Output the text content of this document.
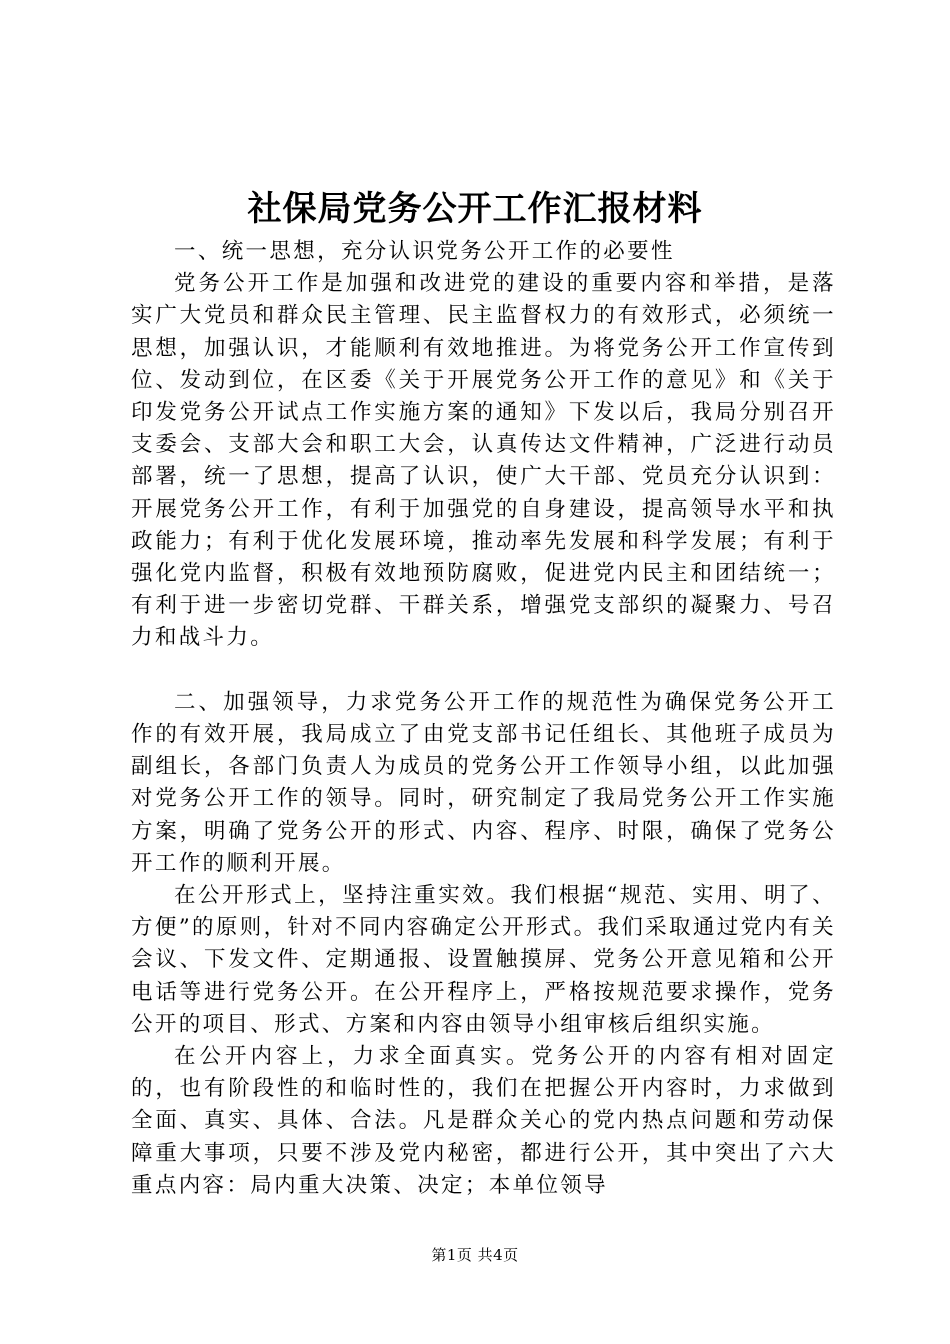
社保局党务公开工作汇报材料

一、统一思想，充分认识党务公开工作的必要性

党务公开工作是加强和改进党的建设的重要内容和举措，是落实广大党员和群众民主管理、民主监督权力的有效形式，必须统一思想，加强认识，才能顺利有效地推进。为将党务公开工作宣传到位、发动到位，在区委《关于开展党务公开工作的意见》和《关于印发党务公开试点工作实施方案的通知》下发以后，我局分别召开支委会、支部大会和职工大会，认真传达文件精神，广泛进行动员部署，统一了思想，提高了认识，使广大干部、党员充分认识到：开展党务公开工作，有利于加强党的自身建设，提高领导水平和执政能力；有利于优化发展环境，推动率先发展和科学发展；有利于强化党内监督，积极有效地预防腐败，促进党内民主和团结统一；有利于进一步密切党群、干群关系，增强党支部织的凝聚力、号召力和战斗力。

二、加强领导，力求党务公开工作的规范性为确保党务公开工作的有效开展，我局成立了由党支部书记任组长、其他班子成员为副组长，各部门负责人为成员的党务公开工作领导小组，以此加强对党务公开工作的领导。同时，研究制定了我局党务公开工作实施方案，明确了党务公开的形式、内容、程序、时限，确保了党务公开工作的顺利开展。

在公开形式上，坚持注重实效。我们根据“规范、实用、明了、方便”的原则，针对不同内容确定公开形式。我们采取通过党内有关会议、下发文件、定期通报、设置触摸屏、党务公开意见箱和公开电话等进行党务公开。在公开程序上，严格按规范要求操作，党务公开的项目、形式、方案和内容由领导小组审核后组织实施。

在公开内容上，力求全面真实。党务公开的内容有相对固定的，也有阶段性的和临时性的，我们在把握公开内容时，力求做到全面、真实、具体、合法。凡是群众关心的党内热点问题和劳动保障重大事项，只要不涉及党内秘密，都进行公开，其中突出了六大重点内容：局内重大决策、决定；本单位领导

第1页 共4页
